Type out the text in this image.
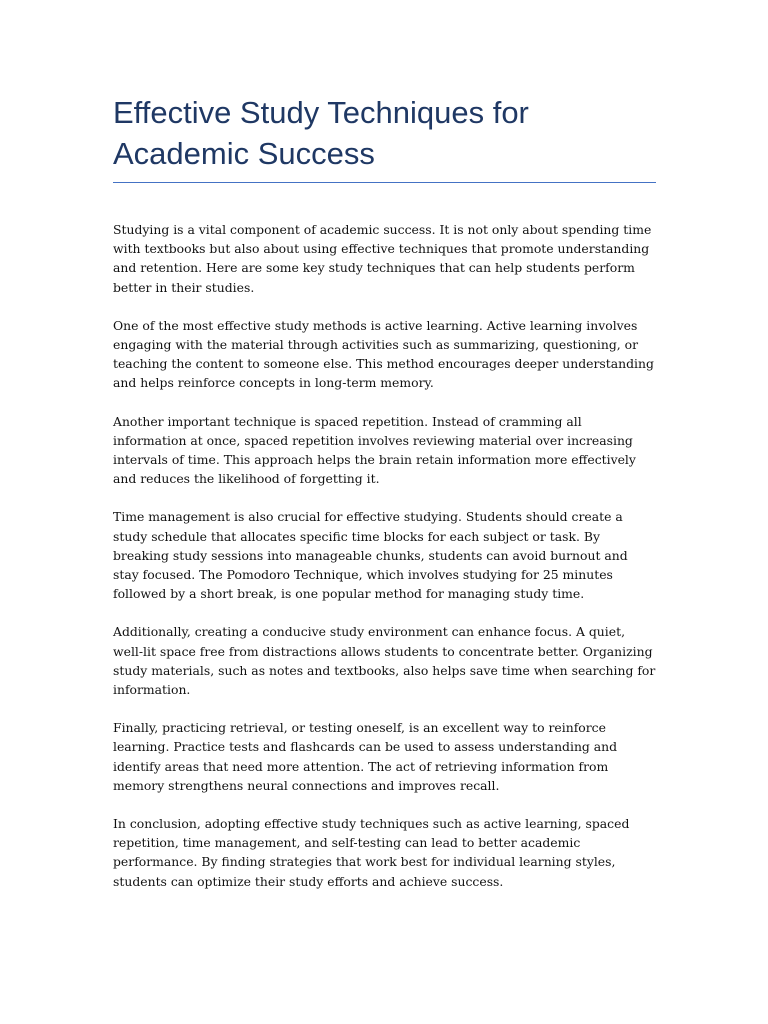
Effective Study Techniques for Academic Success

Studying is a vital component of academic success. It is not only about spending time with textbooks but also about using effective techniques that promote understanding and retention. Here are some key study techniques that can help students perform better in their studies.

One of the most effective study methods is active learning. Active learning involves engaging with the material through activities such as summarizing, questioning, or teaching the content to someone else. This method encourages deeper understanding and helps reinforce concepts in long-term memory.

Another important technique is spaced repetition. Instead of cramming all information at once, spaced repetition involves reviewing material over increasing intervals of time. This approach helps the brain retain information more effectively and reduces the likelihood of forgetting it.

Time management is also crucial for effective studying. Students should create a study schedule that allocates specific time blocks for each subject or task. By breaking study sessions into manageable chunks, students can avoid burnout and stay focused. The Pomodoro Technique, which involves studying for 25 minutes followed by a short break, is one popular method for managing study time.

Additionally, creating a conducive study environment can enhance focus. A quiet, well-lit space free from distractions allows students to concentrate better. Organizing study materials, such as notes and textbooks, also helps save time when searching for information.

Finally, practicing retrieval, or testing oneself, is an excellent way to reinforce learning. Practice tests and flashcards can be used to assess understanding and identify areas that need more attention. The act of retrieving information from memory strengthens neural connections and improves recall.

In conclusion, adopting effective study techniques such as active learning, spaced repetition, time management, and self-testing can lead to better academic performance. By finding strategies that work best for individual learning styles, students can optimize their study efforts and achieve success.
